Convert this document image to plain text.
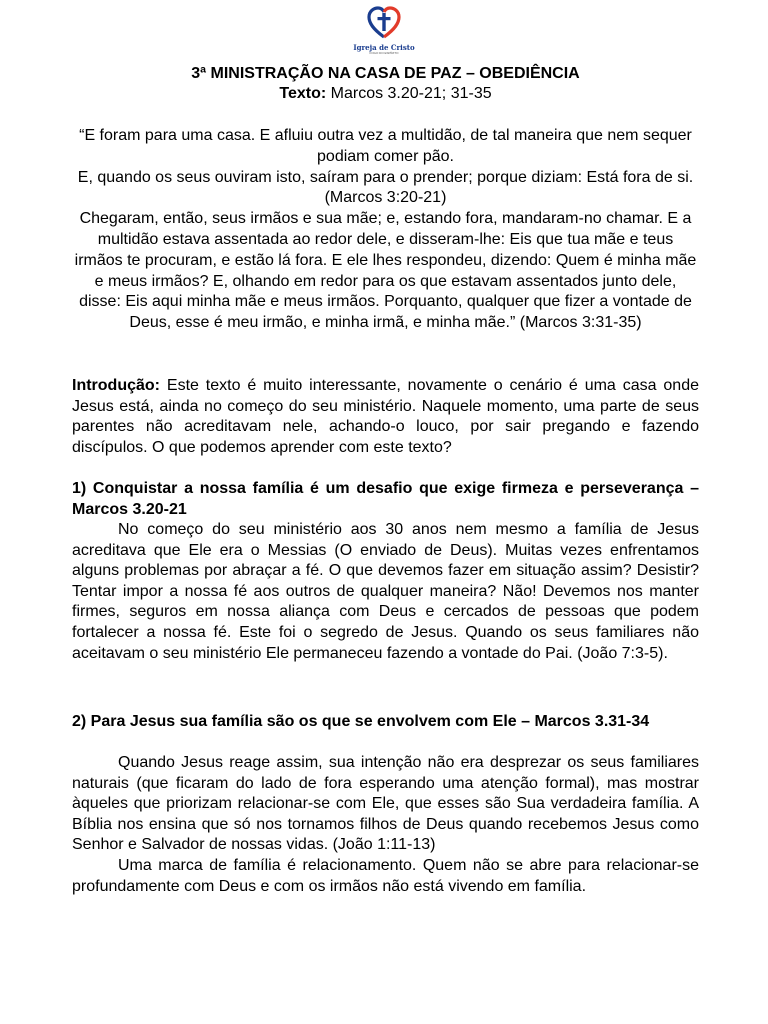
Igreja de Cristo
FOGO DO ESPÍRITO
3ª MINISTRAÇÃO NA CASA DE PAZ – OBEDIÊNCIA
Texto: Marcos 3.20-21; 31-35

“E foram para uma casa. E afluiu outra vez a multidão, de tal maneira que nem sequer podiam comer pão.

E, quando os seus ouviram isto, saíram para o prender; porque diziam: Está fora de si. (Marcos 3:20-21)

Chegaram, então, seus irmãos e sua mãe; e, estando fora, mandaram-no chamar. E a multidão estava assentada ao redor dele, e disseram-lhe: Eis que tua mãe e teus irmãos te procuram, e estão lá fora. E ele lhes respondeu, dizendo: Quem é minha mãe e meus irmãos? E, olhando em redor para os que estavam assentados junto dele, disse: Eis aqui minha mãe e meus irmãos. Porquanto, qualquer que fizer a vontade de Deus, esse é meu irmão, e minha irmã, e minha mãe.” (Marcos 3:31-35)

Introdução: Este texto é muito interessante, novamente o cenário é uma casa onde Jesus está, ainda no começo do seu ministério. Naquele momento, uma parte de seus parentes não acreditavam nele, achando-o louco, por sair pregando e fazendo discípulos. O que podemos aprender com este texto?

1) Conquistar a nossa família é um desafio que exige firmeza e perseverança – Marcos 3.20-21

No começo do seu ministério aos 30 anos nem mesmo a família de Jesus acreditava que Ele era o Messias (O enviado de Deus). Muitas vezes enfrentamos alguns problemas por abraçar a fé. O que devemos fazer em situação assim? Desistir? Tentar impor a nossa fé aos outros de qualquer maneira? Não! Devemos nos manter firmes, seguros em nossa aliança com Deus e cercados de pessoas que podem fortalecer a nossa fé. Este foi o segredo de Jesus. Quando os seus familiares não aceitavam o seu ministério Ele permaneceu fazendo a vontade do Pai. (João 7:3-5).

2) Para Jesus sua família são os que se envolvem com Ele – Marcos 3.31-34

Quando Jesus reage assim, sua intenção não era desprezar os seus familiares naturais (que ficaram do lado de fora esperando uma atenção formal), mas mostrar àqueles que priorizam relacionar-se com Ele, que esses são Sua verdadeira família. A Bíblia nos ensina que só nos tornamos filhos de Deus quando recebemos Jesus como Senhor e Salvador de nossas vidas. (João 1:11-13)

Uma marca de família é relacionamento. Quem não se abre para relacionar-se profundamente com Deus e com os irmãos não está vivendo em família.
